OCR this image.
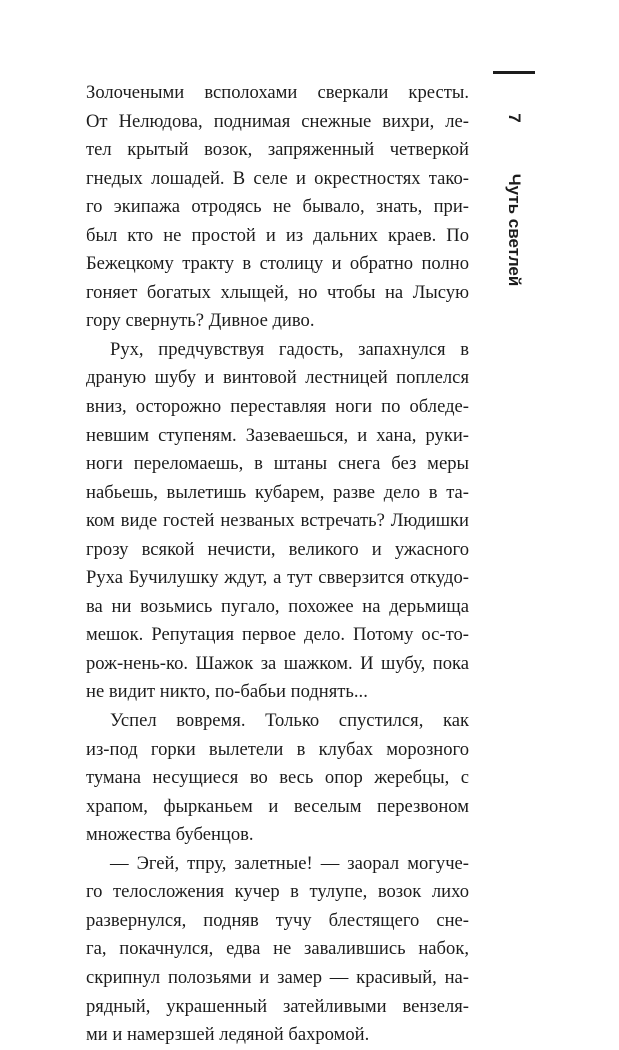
7
Чуть светлей
Золочеными всполохами сверкали кресты.
От Нелюдова, поднимая снежные вихри, ле-
тел крытый возок, запряженный четверкой
гнедых лошадей. В селе и окрестностях тако-
го экипажа отродясь не бывало, знать, при-
был кто не простой и из дальних краев. По
Бежецкому тракту в столицу и обратно полно
гоняет богатых хлыщей, но чтобы на Лысую
гору свернуть? Дивное диво.
Рух, предчувствуя гадость, запахнулся в
драную шубу и винтовой лестницей поплелся
вниз, осторожно переставляя ноги по обледе-
невшим ступеням. Зазеваешься, и хана, руки-
ноги переломаешь, в штаны снега без меры
набьешь, вылетишь кубарем, разве дело в та-
ком виде гостей незваных встречать? Людишки
грозу всякой нечисти, великого и ужасного
Руха Бучилушку ждут, а тут свверзится откудо-
ва ни возьмись пугало, похожее на дерьмища
мешок. Репутация первое дело. Потому ос-то-
рож-нень-ко. Шажок за шажком. И шубу, пока
не видит никто, по-бабьи поднять...
Успел вовремя. Только спустился, как
из-под горки вылетели в клубах морозного
тумана несущиеся во весь опор жеребцы, с
храпом, фырканьем и веселым перезвоном
множества бубенцов.
— Эгей, тпру, залетные! — заорал могуче-
го телосложения кучер в тулупе, возок лихо
развернулся, подняв тучу блестящего сне-
га, покачнулся, едва не завалившись набок,
скрипнул полозьями и замер — красивый, на-
рядный, украшенный затейливыми вензеля-
ми и намерзшей ледяной бахромой.
